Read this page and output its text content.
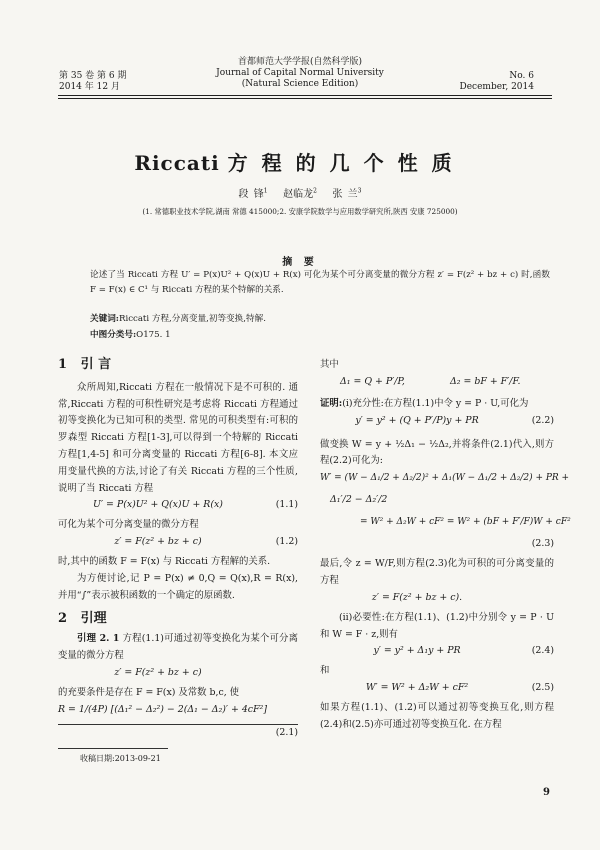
首都师范大学学报(自然科学版)
Journal of Capital Normal University
(Natural Science Edition)
第 35 卷 第 6 期
2014 年 12 月
No. 6
December, 2014
Riccati 方程的几个性质
段 锋$^1$ 赵临龙$^2$ 张 兰$^3$
(1. 常德职业技术学院,湖南 常德 415000;2. 安康学院数学与应用数学研究所,陕西 安康 725000)
摘 要
论述了当 Riccati 方程 U′ = P(x)U² + Q(x)U + R(x) 可化为某个可分离变量的微分方程 z′ = F(z² + bz + c) 时,函数 F = F(x) ∈ C¹ 与 Riccati 方程的某个特解的关系.
关键词:Riccati 方程,分离变量,初等变换,特解.
中图分类号:O175. 1
1 引 言
众所周知,Riccati 方程在一般情况下是不可积的. 通常,Riccati 方程的可积性研究是考虑将 Riccati 方程通过初等变换化为已知可积的类型. 常见的可积类型有:可积的罗森型 Riccati 方程[1-3],可以得到一个特解的 Riccati 方程[1,4-5] 和可分离变量的 Riccati 方程[6-8]. 本文应用变量代换的方法,讨论了有关 Riccati 方程的三个性质,说明了当 Riccati 方程
U′ = P(x)U² + Q(x)U + R(x)	(1.1)
可化为某个可分离变量的微分方程
z′ = F(z² + bz + c)	(1.2)
时,其中的函数 F = F(x) 与 Riccati 方程解的关系.
为方便讨论,记 P = P(x) ≠ 0,Q = Q(x),R = R(x),并用“∫”表示被积函数的一个确定的原函数.
2 引理
引理 2. 1 方程(1.1)可通过初等变换化为某个可分离变量的微分方程
z′ = F(z² + bz + c)
的充要条件是存在 F = F(x) 及常数 b,c, 使
R = 1/(4P) [(Δ₁² − Δ₂²) − 2(Δ₁ − Δ₂)′ + 4cF²]
(2.1)
其中
Δ₁ = Q + P′/P,	Δ₂ = bF + F′/F.
证明:(i)充分性:在方程(1.1)中令 y = P · U,可化为
y′ = y² + (Q + P′/P)y + PR	(2.2)
做变换 W = y + ½Δ₁ − ½Δ₂,并将条件(2.1)代入,则方程(2.2)可化为:
W′ = (W − Δ₁/2 + Δ₂/2)² + Δ₁(W − Δ₁/2 + Δ₂/2) + PR +
Δ₁′/2 − Δ₂′/2
= W² + Δ₂W + cF² = W² + (bF + F′/F)W + cF²
(2.3)
最后,令 z = W/F,则方程(2.3)化为可积的可分离变量的方程
z′ = F(z² + bz + c).
(ii)必要性:在方程(1.1)、(1.2)中分别令 y = P · U 和 W = F · z,则有
y′ = y² + Δ₁y + PR	(2.4)
和
W′ = W² + Δ₂W + cF²	(2.5)
如果方程(1.1)、(1.2)可以通过初等变换互化,则方程(2.4)和(2.5)亦可通过初等变换互化. 在方程
收稿日期:2013-09-21
9
